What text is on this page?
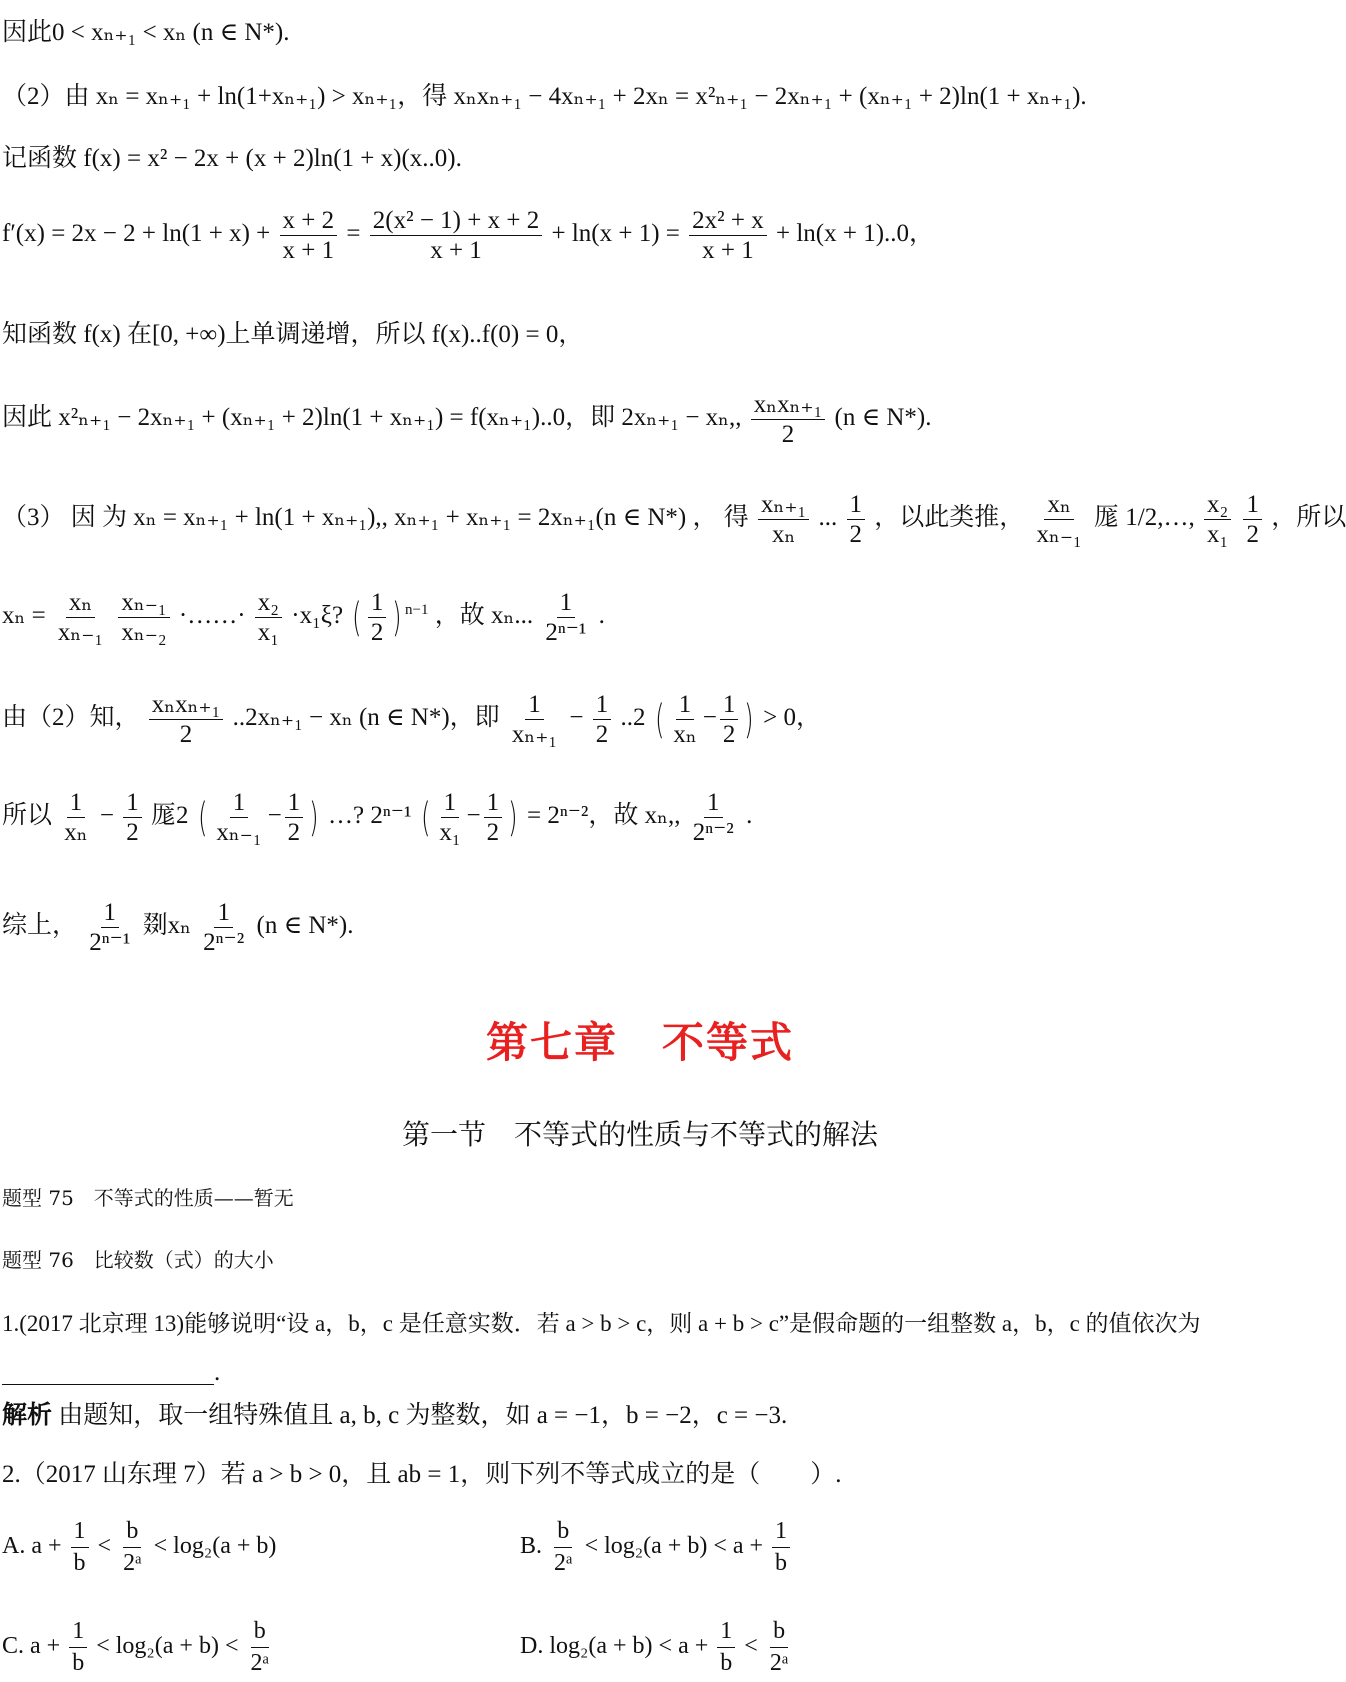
因此0 < xₙ₊₁ < xₙ (n ∈ N*).
（2）由 xₙ = xₙ₊₁ + ln(1+xₙ₊₁) > xₙ₊₁，得 xₙxₙ₊₁ − 4xₙ₊₁ + 2xₙ = x²ₙ₊₁ − 2xₙ₊₁ + (xₙ₊₁ + 2)ln(1 + xₙ₊₁).
记函数 f(x) = x² − 2x + (x + 2)ln(1 + x)(x..0).
$f'(x) = 2x - 2 + \ln(1 + x) + \frac{x + 2}{x + 1} = \frac{\text{2(x² − 1) + x + 2}}{x + 1} + \ln(x + 1) = \frac{\text{2x² + x}}{x + 1} + \ln(x + 1)..0$，
知函数 f(x) 在[0, +∞)上单调递增，所以 f(x)..f(0) = 0，
因此 x²ₙ₊₁ − 2xₙ₊₁ + (xₙ₊₁ + 2)ln(1 + xₙ₊₁) = f(xₙ₊₁)..0，即 2xₙ₊₁ − xₙ,, $\frac{\text{xₙxₙ₊₁}}{2} (n$ ∈ N*).
（3） 因 为 xₙ = xₙ₊₁ + ln(1 + xₙ₊₁),, xₙ₊₁ + xₙ₊₁ = 2xₙ₊₁(n ∈ N*) ， 得 $\frac{\text{xₙ₊₁}}{\text{xₙ}}$ ... $\frac{1}{2}$ ，以此类推， $\frac{\text{xₙ}}{\text{xₙ₋₁}}$ 厖 1/2,…, $\frac{\text{x₂}}{\text{x₁}}$
$\frac{1}{2}$ ，所以
$x_n = \frac{\text{xₙ}}{\text{xₙ₋₁}}$
$\frac{\text{xₙ₋₁}}{\text{xₙ₋₂}}$ ·……· $\frac{\text{x₂}}{\text{x₁}} \cdot x_1\xi$? ( $\frac{1}{2}$ ) $^{n-1}$ ，故 xₙ... $\frac{1}{\text{2ⁿ⁻¹}}$ .
由（2）知， $\frac{\text{xₙxₙ₊₁}}{2} ..2x_{n+1} - x_n$ (n ∈ N*)，即 $\frac{1}{\text{xₙ₊₁}} - \frac{1}{2} ..2$ ( $\frac{1}{\text{xₙ}} - \frac{1}{2}$ ) > 0，
所以 $\frac{1}{\text{xₙ}} - \frac{1}{2}$ 厖2 ( $\frac{1}{\text{xₙ₋₁}} - \frac{1}{2}$ ) …? 2ⁿ⁻¹ ( $\frac{1}{\text{x₁}} - \frac{1}{2}$ ) = 2ⁿ⁻²，故 xₙ,, $\frac{1}{\text{2ⁿ⁻²}}$ .
综上， $\frac{1}{\text{2ⁿ⁻¹}}$ 剟xₙ $\frac{1}{\text{2ⁿ⁻²}} (n$ ∈ N*).
第七章　不等式
第一节　不等式的性质与不等式的解法
题型 75　不等式的性质——暂无
题型 76　比较数（式）的大小
1.(2017 北京理 13)能够说明“设 a，b，c 是任意实数．若 a > b > c，则 a + b > c”是假命题的一组整数 a，b，c 的值依次为
.
解析 由题知，取一组特殊值且 a, b, c 为整数，如 a = −1，b = −2，c = −3.
2.（2017 山东理 7）若 a > b > 0，且 ab = 1，则下列不等式成立的是（　　）.
A. $a + \frac{1}{b} < \frac{b}{\text{2ᵃ}} < \log_2(a + b)$	B. $\frac{b}{\text{2ᵃ}} < \log_2(a + b) < a + \frac{1}{b}$
C. $a + \frac{1}{b} < \log_2(a + b) < \frac{b}{\text{2ᵃ}}$	D. $\log_2(a + b) < a + \frac{1}{b} < \frac{b}{\text{2ᵃ}}$
